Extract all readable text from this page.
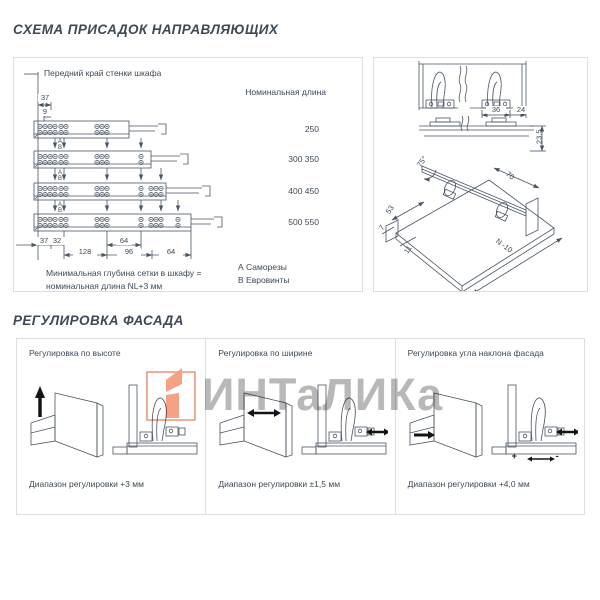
СХЕМА ПРИСАДОК НАПРАВЛЯЮЩИХ
Передний край стенки шкафа
37
9
Номинальная длина
250
300 350
400 450
500 550
A
B
A
B
A
B
37 32	64
128	96	64
Минимальная глубина сетки в шкафу =
номинальная длина NL+3 мм
А Саморезы
В Евровинты
36	24
23.5
75°
70
53
7
11	N -10
РЕГУЛИРОВКА ФАСАДА
Регулировка по высоте
Диапазон регулировки +3 мм
Регулировка по ширине
Диапазон регулировки ±1,5 мм
Регулировка угла наклона фасада
+	-
Диапазон регулировки +4,0 мм
ИНТаЛИКа
